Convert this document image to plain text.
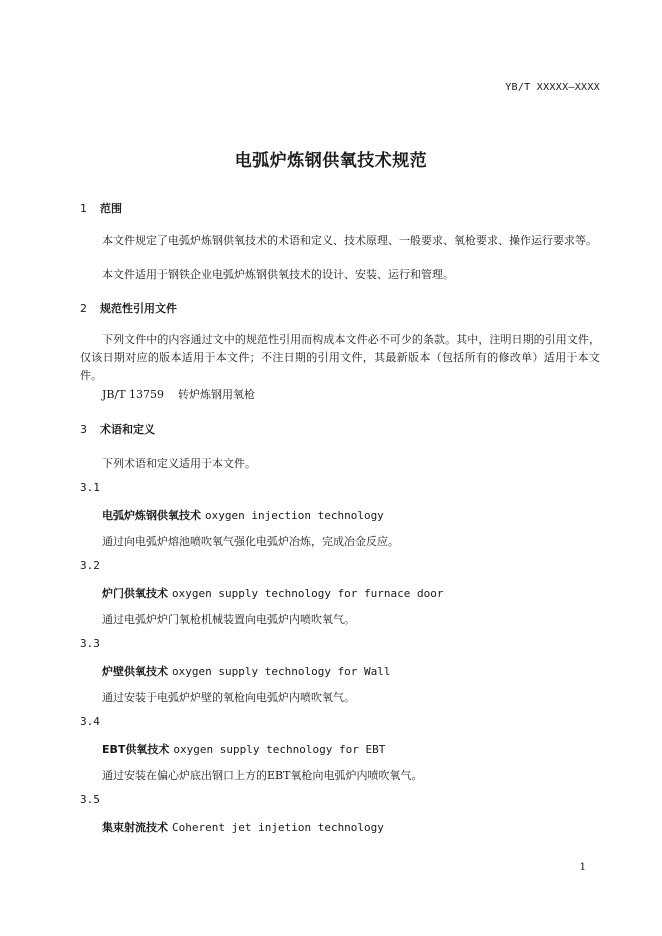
YB/T XXXXX—XXXX
电弧炉炼钢供氧技术规范
1 范围
本文件规定了电弧炉炼钢供氧技术的术语和定义、技术原理、一般要求、氧枪要求、操作运行要求等。
本文件适用于钢铁企业电弧炉炼钢供氧技术的设计、安装、运行和管理。
2 规范性引用文件
下列文件中的内容通过文中的规范性引用而构成本文件必不可少的条款。其中，注明日期的引用文件，仅该日期对应的版本适用于本文件；不注日期的引用文件，其最新版本（包括所有的修改单）适用于本文件。
JB/T 13759 转炉炼钢用氧枪
3 术语和定义
下列术语和定义适用于本文件。
3.1
电弧炉炼钢供氧技术 oxygen injection technology
通过向电弧炉熔池喷吹氧气强化电弧炉冶炼，完成冶金反应。
3.2
炉门供氧技术 oxygen supply technology for furnace door
通过电弧炉炉门氧枪机械装置向电弧炉内喷吹氧气。
3.3
炉壁供氧技术 oxygen supply technology for Wall
通过安装于电弧炉炉壁的氧枪向电弧炉内喷吹氧气。
3.4
EBT供氧技术 oxygen supply technology for EBT
通过安装在偏心炉底出钢口上方的EBT氧枪向电弧炉内喷吹氧气。
3.5
集束射流技术 Coherent jet injetion technology
1
